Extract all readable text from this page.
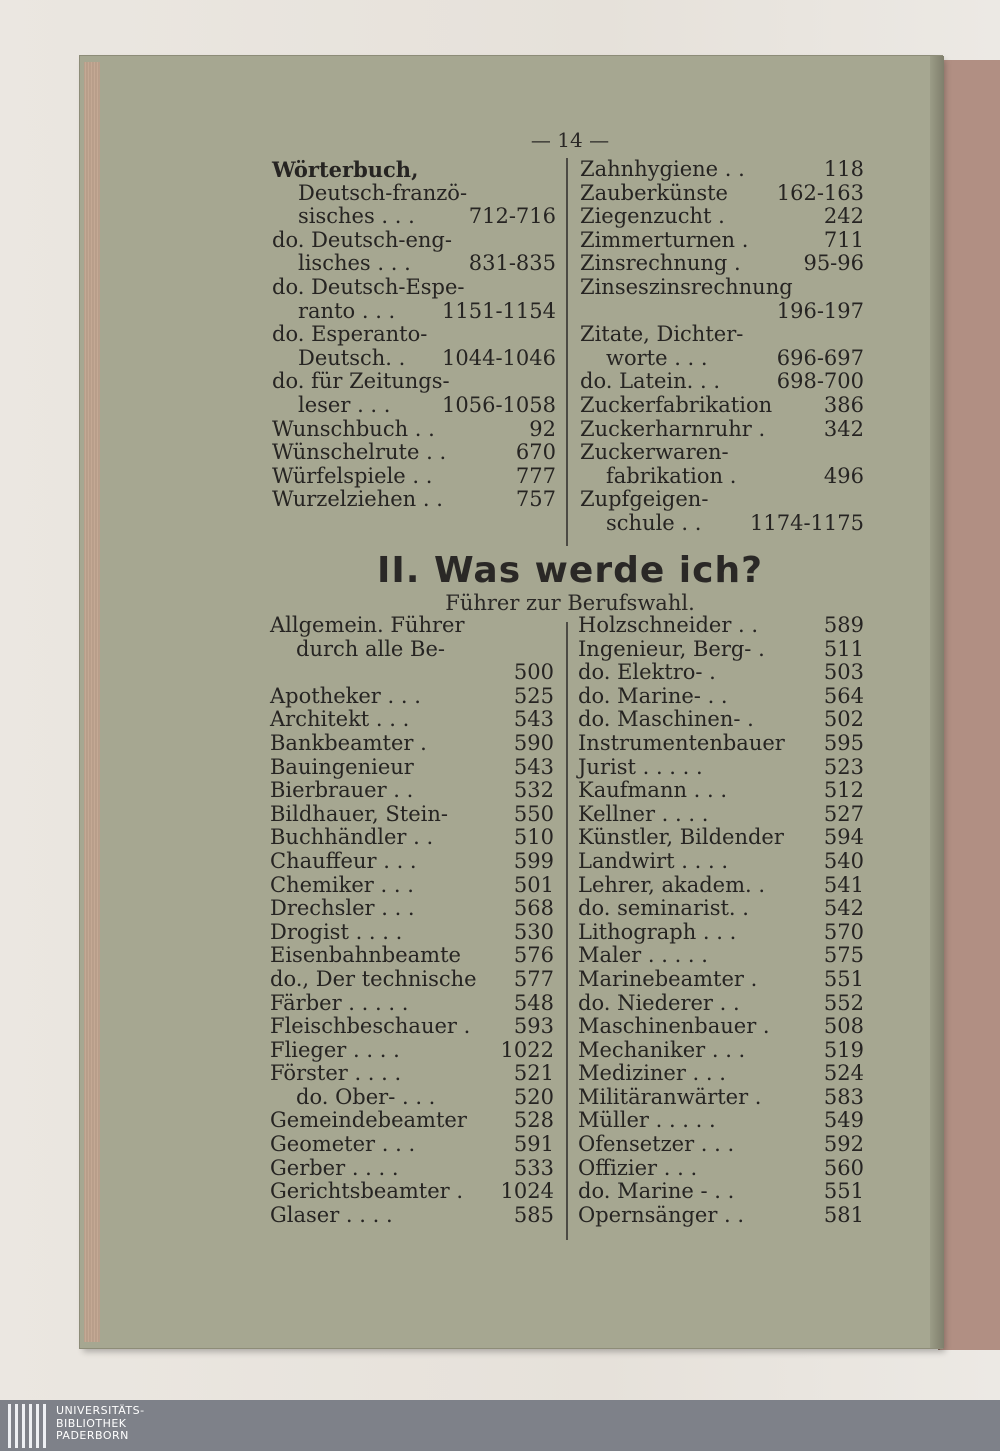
— 14 —
Wörterbuch,
Deutsch-franzö-
sisches . . .	712-716
do. Deutsch-eng-
lisches . . .	831-835
do. Deutsch-Espe-
ranto . . . 1151-1154
do. Esperanto-
Deutsch. . 1044-1046
do. für Zeitungs-
leser . . . 1056-1058
Wunschbuch . .	92
Wünschelrute . .	670
Würfelspiele . .	777
Wurzelziehen . .	757
Zahnhygiene . .	118
Zauberkünste 162-163
Ziegenzucht .	242
Zimmerturnen .	711
Zinsrechnung .	95-96
Zinseszinsrechnung
196-197
Zitate, Dichter-
worte . . .	696-697
do. Latein. . .	698-700
Zuckerfabrikation 386
Zuckerharnruhr .	342
Zuckerwaren-
fabrikation .	496
Zupfgeigen-
schule . . 1174-1175
II. Was werde ich?
Führer zur Berufswahl.
Allgemein. Führer
durch alle Be-
500
Apotheker . . .	525
Architekt . . .	543
Bankbeamter .	590
Bauingenieur	543
Bierbrauer . .	532
Bildhauer, Stein-	550
Buchhändler . .	510
Chauffeur . . .	599
Chemiker . . .	501
Drechsler . . .	568
Drogist . . . .	530
Eisenbahnbeamte	576
do., Der technische 577
Färber . . . . .	548
Fleischbeschauer . 593
Flieger . . . .	1022
Förster . . . .	521
do. Ober- . . .	520
Gemeindebeamter 528
Geometer . . .	591
Gerber . . . .	533
Gerichtsbeamter . 1024
Glaser . . . .	585
Holzschneider . .	589
Ingenieur, Berg- .	511
do. Elektro- .	503
do. Marine- . .	564
do. Maschinen- .	502
Instrumentenbauer 595
Jurist . . . . .	523
Kaufmann . . .	512
Kellner . . . .	527
Künstler, Bildender 594
Landwirt . . . .	540
Lehrer, akadem. .	541
do. seminarist. .	542
Lithograph . . .	570
Maler . . . . .	575
Marinebeamter .	551
do. Niederer . .	552
Maschinenbauer .	508
Mechaniker . . .	519
Mediziner . . .	524
Militäranwärter .	583
Müller . . . . .	549
Ofensetzer . . .	592
Offizier . . .	560
do. Marine - . .	551
Opernsänger . .	581
UNIVERSITÄTS-
BIBLIOTHEK
PADERBORN
